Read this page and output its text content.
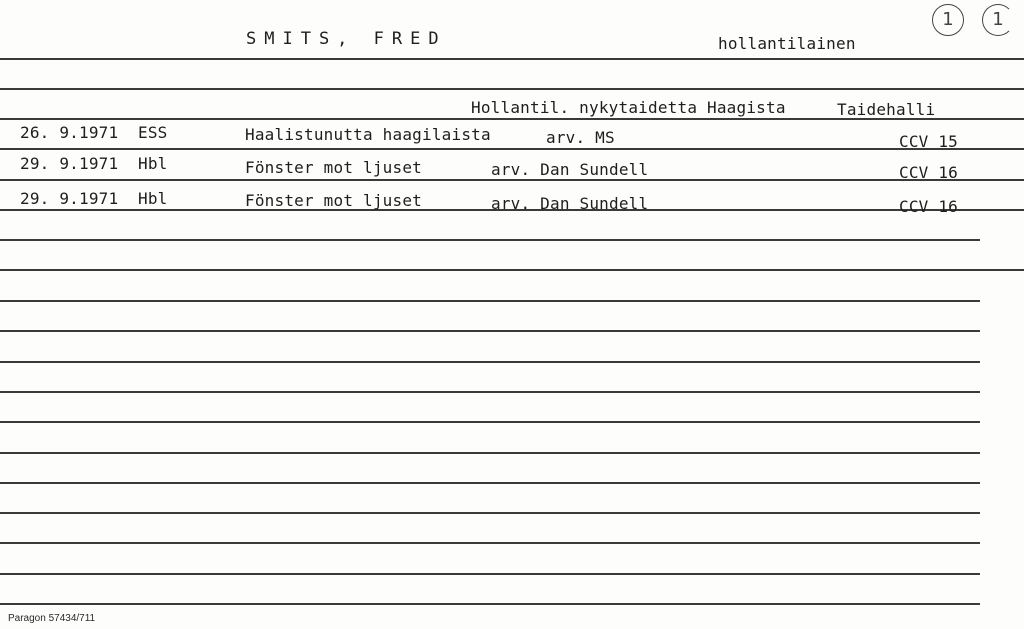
SMITS, FRED	hollantilainen
1	1
Hollantil. nykytaidetta Haagista	Taidehalli
26. 9.1971 ESS	Haalistunutta haagilaista	arv. MS	CCV 15
29. 9.1971 Hbl	Fönster mot ljuset	arv. Dan Sundell	CCV 16
29. 9.1971 Hbl	Fönster mot ljuset	arv. Dan Sundell	CCV 16
Paragon 57434/711
